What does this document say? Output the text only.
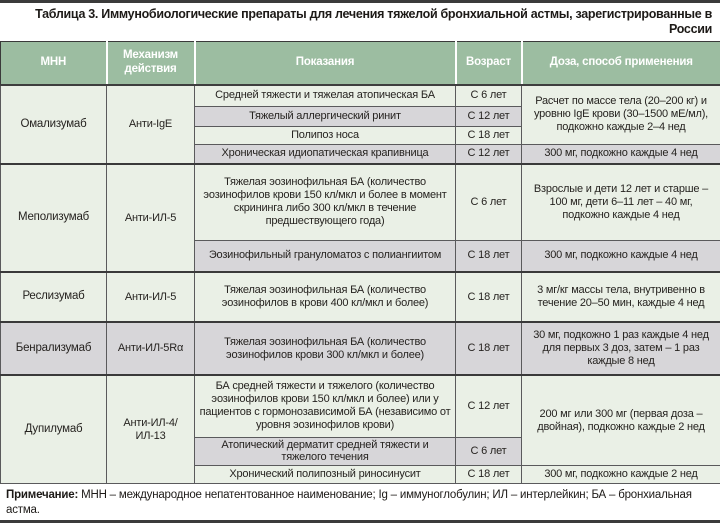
Таблица 3. Иммунобиологические препараты для лечения тяжелой бронхиальной астмы, зарегистрированные в России
МНН	Механизм действия	Показания	Возраст	Доза, способ применения
Омализумаб	Анти-IgE	Средней тяжести и тяжелая атопическая БА	С 6 лет	Расчет по массе тела (20–200 кг) и уровню IgE крови (30–1500 мЕ/мл), подкожно каждые 2–4 нед
		Тяжелый аллергический ринит	С 12 лет	
		Полипоз носа	С 18 лет	
		Хроническая идиопатическая крапивница	С 12 лет	300 мг, подкожно каждые 4 нед
Меполизумаб	Анти-ИЛ-5	Тяжелая эозинофильная БА (количество эозинофилов крови 150 кл/мкл и более в момент скрининга либо 300 кл/мкл в течение предшествующего года)	С 6 лет	Взрослые и дети 12 лет и старше – 100 мг, дети 6–11 лет – 40 мг, подкожно каждые 4 нед
		Эозинофильный грануломатоз с полиангиитом	С 18 лет	300 мг, подкожно каждые 4 нед
Реслизумаб	Анти-ИЛ-5	Тяжелая эозинофильная БА (количество эозинофилов в крови 400 кл/мкл и более)	С 18 лет	3 мг/кг массы тела, внутривенно в течение 20–50 мин, каждые 4 нед
Бенрализумаб	Анти-ИЛ-5Rα	Тяжелая эозинофильная БА (количество эозинофилов крови 300 кл/мкл и более)	С 18 лет	30 мг, подкожно 1 раз каждые 4 нед для первых 3 доз, затем – 1 раз каждые 8 нед
Дупилумаб	Анти-ИЛ-4/ИЛ-13	БА средней тяжести и тяжелого (количество эозинофилов крови 150 кл/мкл и более) или у пациентов с гормонозависимой БА (независимо от уровня эозинофилов крови)	С 12 лет	200 мг или 300 мг (первая доза – двойная), подкожно каждые 2 нед
		Атопический дерматит средней тяжести и тяжелого течения	С 6 лет	
		Хронический полипозный риносинусит	С 18 лет	300 мг, подкожно каждые 2 нед
Примечание: МНН – международное непатентованное наименование; Ig – иммуноглобулин; ИЛ – интерлейкин; БА – бронхиальная астма.
